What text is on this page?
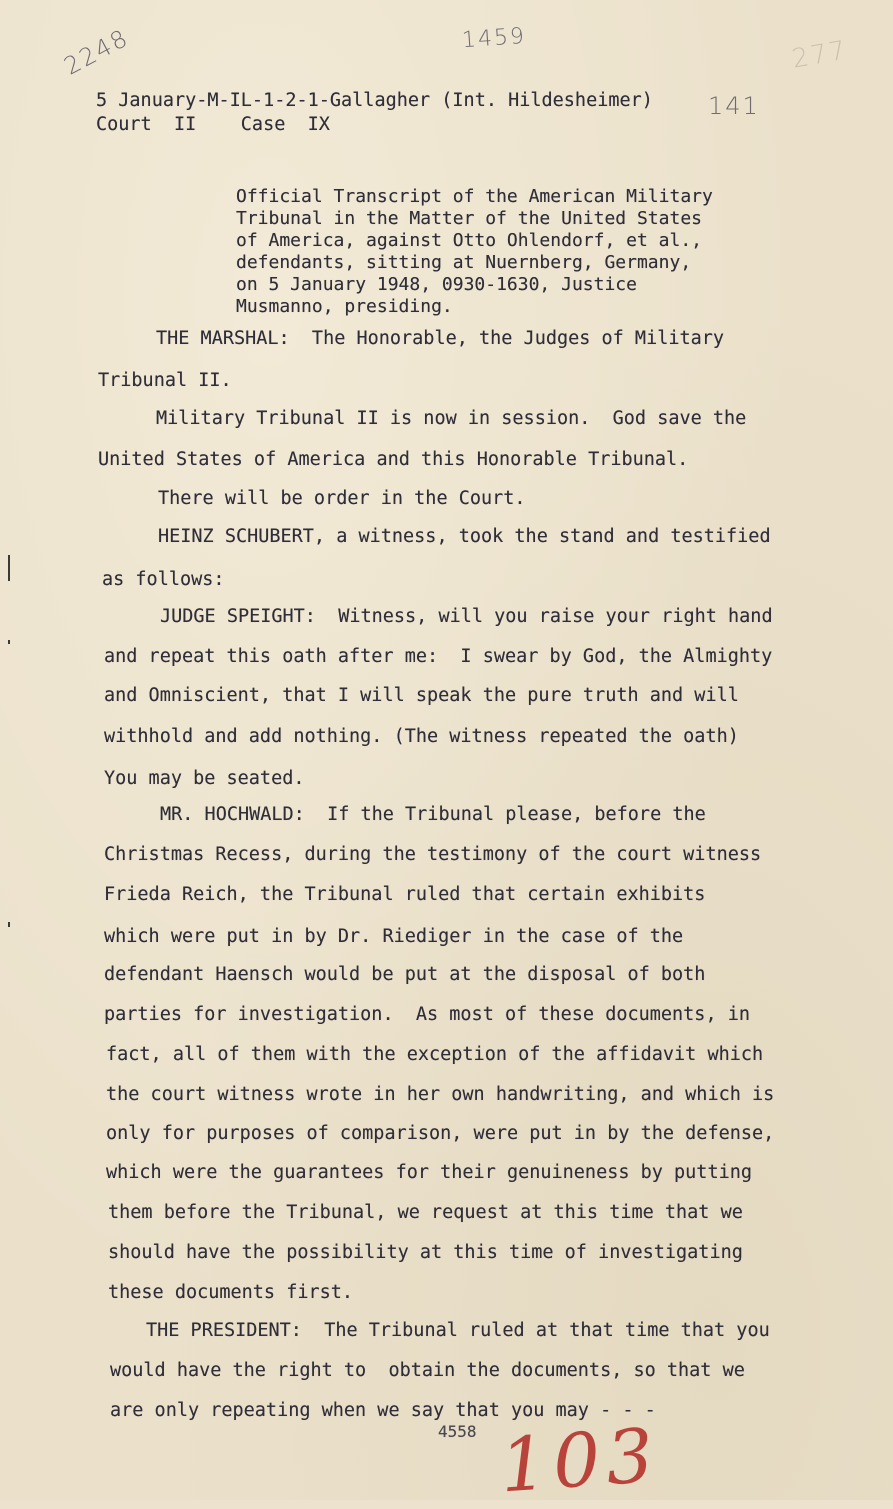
2248	1459
141
277
5 January-M-IL-1-2-1-Gallagher (Int. Hildesheimer)
Court  II    Case  IX
Official Transcript of the American Military
Tribunal in the Matter of the United States
of America, against Otto Ohlendorf, et al.,
defendants, sitting at Nuernberg, Germany,
on 5 January 1948, 0930-1630, Justice
Musmanno, presiding.
THE MARSHAL:  The Honorable, the Judges of Military
Tribunal II.
Military Tribunal II is now in session.  God save the
United States of America and this Honorable Tribunal.
There will be order in the Court.
HEINZ SCHUBERT, a witness, took the stand and testified
as follows:
JUDGE SPEIGHT:  Witness, will you raise your right hand
and repeat this oath after me:  I swear by God, the Almighty
and Omniscient, that I will speak the pure truth and will
withhold and add nothing. (The witness repeated the oath)
You may be seated.
MR. HOCHWALD:  If the Tribunal please, before the
Christmas Recess, during the testimony of the court witness
Frieda Reich, the Tribunal ruled that certain exhibits
which were put in by Dr. Riediger in the case of the
defendant Haensch would be put at the disposal of both
parties for investigation.  As most of these documents, in
fact, all of them with the exception of the affidavit which
the court witness wrote in her own handwriting, and which is
only for purposes of comparison, were put in by the defense,
which were the guarantees for their genuineness by putting
them before the Tribunal, we request at this time that we
should have the possibility at this time of investigating
these documents first.
THE PRESIDENT:  The Tribunal ruled at that time that you
would have the right to  obtain the documents, so that we
are only repeating when we say that you may - - -
4558 103
